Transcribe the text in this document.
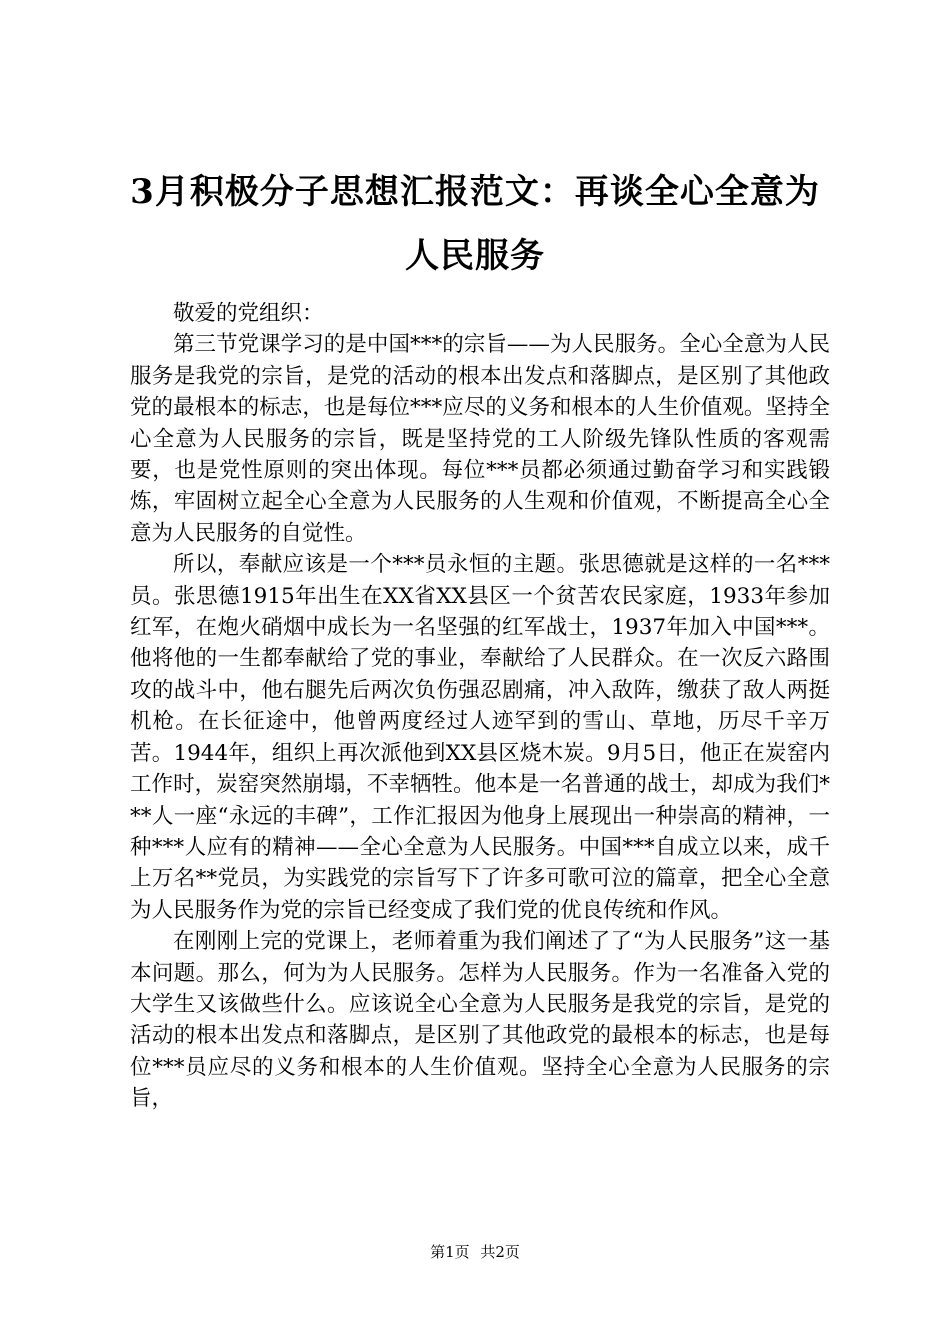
3月积极分子思想汇报范文：再谈全心全意为
人民服务

敬爱的党组织：

第三节党课学习的是中国***的宗旨——为人民服务。全心全意为人民服务是我党的宗旨，是党的活动的根本出发点和落脚点，是区别了其他政党的最根本的标志，也是每位***应尽的义务和根本的人生价值观。坚持全心全意为人民服务的宗旨，既是坚持党的工人阶级先锋队性质的客观需要，也是党性原则的突出体现。每位***员都必须通过勤奋学习和实践锻炼，牢固树立起全心全意为人民服务的人生观和价值观，不断提高全心全意为人民服务的自觉性。

所以，奉献应该是一个***员永恒的主题。张思德就是这样的一名***员。张思德1915年出生在XX省XX县区一个贫苦农民家庭，1933年参加红军，在炮火硝烟中成长为一名坚强的红军战士，1937年加入中国***。他将他的一生都奉献给了党的事业，奉献给了人民群众。在一次反六路围攻的战斗中，他右腿先后两次负伤强忍剧痛，冲入敌阵，缴获了敌人两挺机枪。在长征途中，他曾两度经过人迹罕到的雪山、草地，历尽千辛万苦。1944年，组织上再次派他到XX县区烧木炭。9月5日，他正在炭窑内工作时，炭窑突然崩塌，不幸牺牲。他本是一名普通的战士，却成为我们***人一座“永远的丰碑”，工作汇报因为他身上展现出一种崇高的精神，一种***人应有的精神——全心全意为人民服务。中国***自成立以来，成千上万名**党员，为实践党的宗旨写下了许多可歌可泣的篇章，把全心全意为人民服务作为党的宗旨已经变成了我们党的优良传统和作风。

在刚刚上完的党课上，老师着重为我们阐述了了“为人民服务”这一基本问题。那么，何为为人民服务。怎样为人民服务。作为一名准备入党的大学生又该做些什么。应该说全心全意为人民服务是我党的宗旨，是党的活动的根本出发点和落脚点，是区别了其他政党的最根本的标志，也是每位***员应尽的义务和根本的人生价值观。坚持全心全意为人民服务的宗旨，

第1页 共2页
